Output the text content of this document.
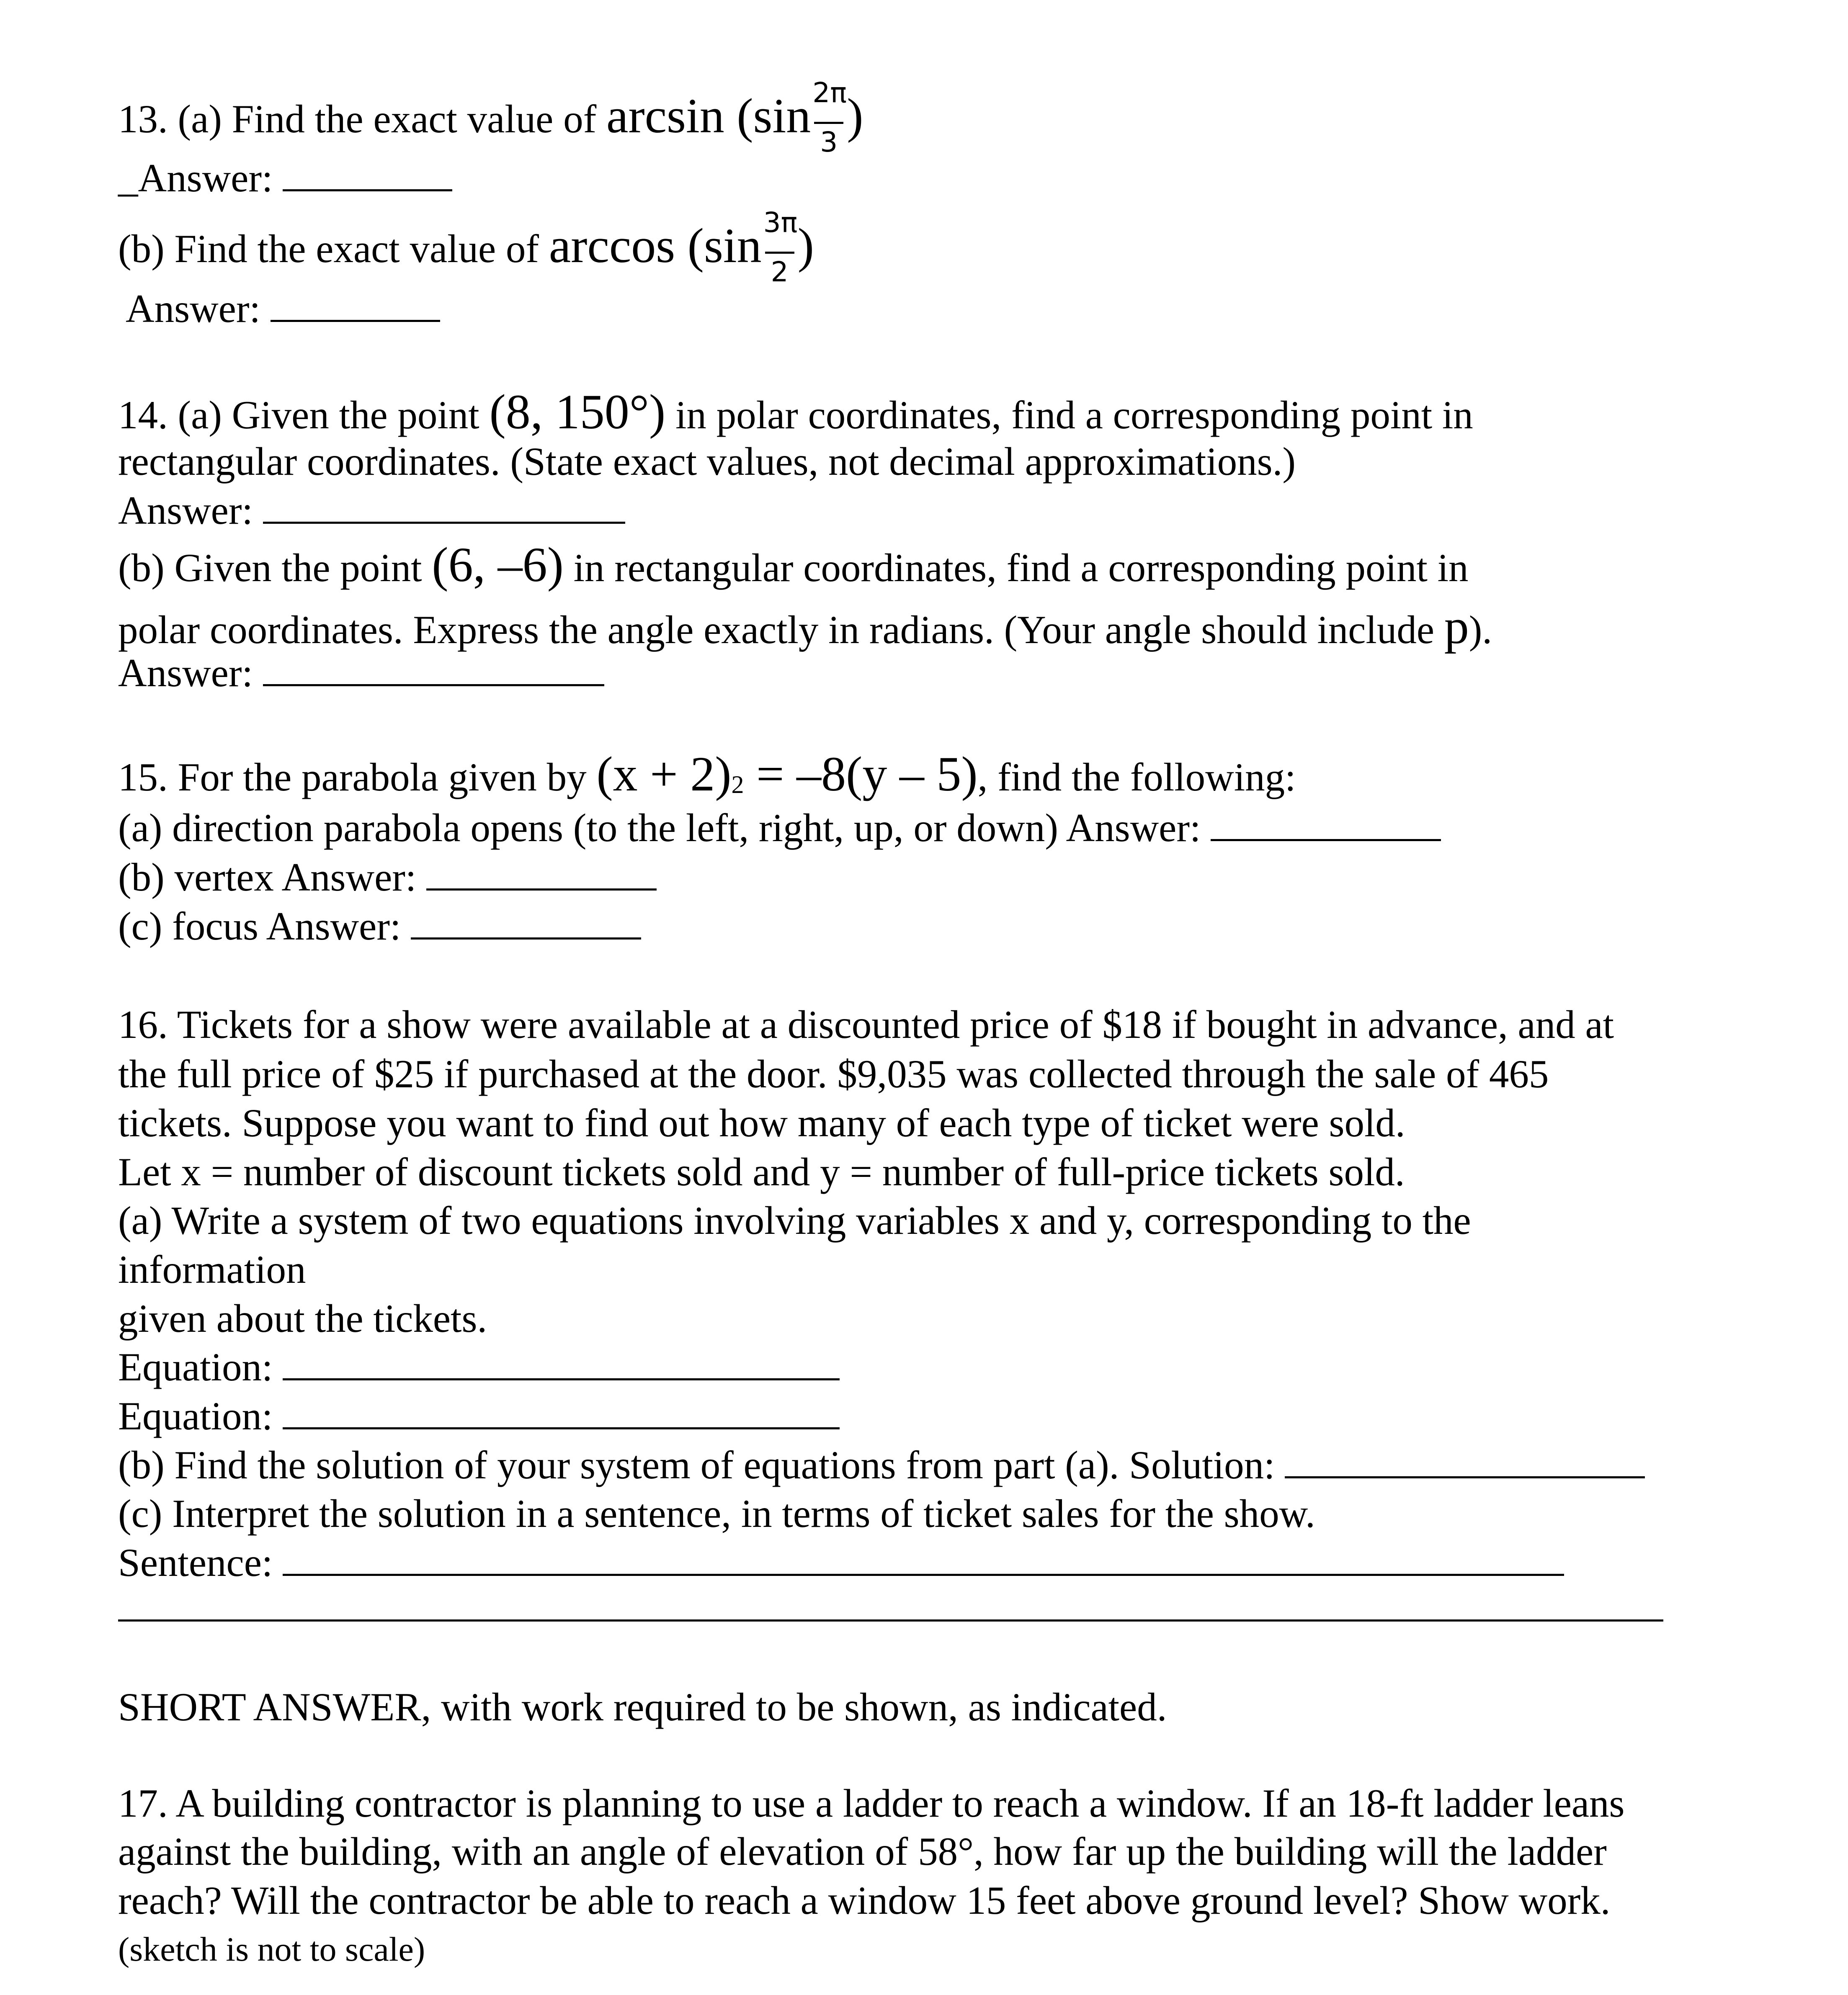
13. (a) Find the exact value of arcsin (sin 2π
3 )
_Answer:
(b) Find the exact value of arccos (sin 3π
2 )
Answer:
14. (a) Given the point (8, 150°) in polar coordinates, find a corresponding point in
rectangular coordinates. (State exact values, not decimal approximations.)
Answer:
(b) Given the point (6, –6) in rectangular coordinates, find a corresponding point in
polar coordinates. Express the angle exactly in radians. (Your angle should include p).
Answer:
15. For the parabola given by (x + 2)2 = –8(y – 5), find the following:
(a) direction parabola opens (to the left, right, up, or down) Answer:
(b) vertex Answer:
(c) focus Answer:
16. Tickets for a show were available at a discounted price of $18 if bought in advance, and at
the full price of $25 if purchased at the door. $9,035 was collected through the sale of 465
tickets. Suppose you want to find out how many of each type of ticket were sold.
Let x = number of discount tickets sold and y = number of full-price tickets sold.
(a) Write a system of two equations involving variables x and y, corresponding to the
information
given about the tickets.
Equation:
Equation:
(b) Find the solution of your system of equations from part (a). Solution:
(c) Interpret the solution in a sentence, in terms of ticket sales for the show.
Sentence:
SHORT ANSWER, with work required to be shown, as indicated.
17. A building contractor is planning to use a ladder to reach a window. If an 18-ft ladder leans
against the building, with an angle of elevation of 58°, how far up the building will the ladder
reach? Will the contractor be able to reach a window 15 feet above ground level? Show work.
(sketch is not to scale)
